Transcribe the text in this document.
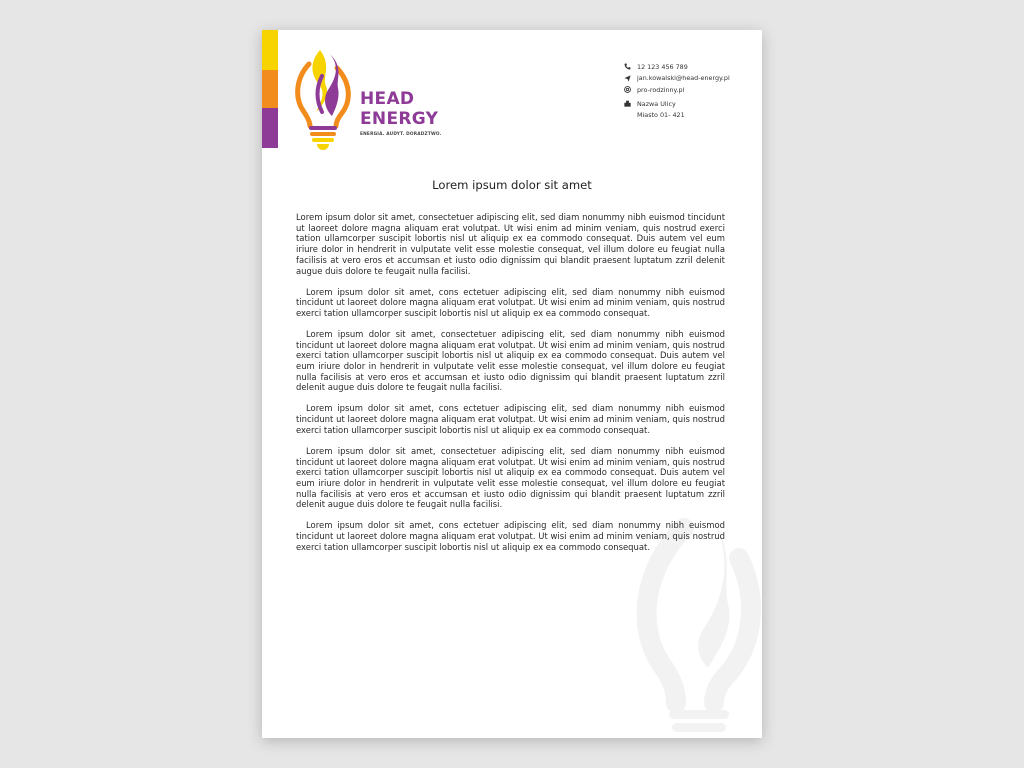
HEAD
ENERGY
ENERGIA. AUDYT. DORADZTWO.
12 123 456 789
jan.kowalski@head-energy.pl
pro-rodzinny.pl
Nazwa Ulicy
Miasto 01- 421
Lorem ipsum dolor sit amet

Lorem ipsum dolor sit amet, consectetuer adipiscing elit, sed diam nonummy nibh euismod tincidunt ut laoreet dolore magna aliquam erat volutpat. Ut wisi enim ad minim veniam, quis nostrud exerci tation ullamcorper suscipit lobortis nisl ut aliquip ex ea commodo consequat. Duis autem vel eum iriure dolor in hendrerit in vulputate velit esse molestie consequat, vel illum dolore eu feugiat nulla facilisis at vero eros et accumsan et iusto odio dignissim qui blandit praesent luptatum zzril delenit augue duis dolore te feugait nulla facilisi.

Lorem ipsum dolor sit amet, cons ectetuer adipiscing elit, sed diam nonummy nibh euismod tincidunt ut laoreet dolore magna aliquam erat volutpat. Ut wisi enim ad minim veniam, quis nostrud exerci tation ullamcorper suscipit lobortis nisl ut aliquip ex ea commodo consequat.

Lorem ipsum dolor sit amet, consectetuer adipiscing elit, sed diam nonummy nibh euismod tincidunt ut laoreet dolore magna aliquam erat volutpat. Ut wisi enim ad minim veniam, quis nostrud exerci tation ullamcorper suscipit lobortis nisl ut aliquip ex ea commodo consequat. Duis autem vel eum iriure dolor in hendrerit in vulputate velit esse molestie consequat, vel illum dolore eu feugiat nulla facilisis at vero eros et accumsan et iusto odio dignissim qui blandit praesent luptatum zzril delenit augue duis dolore te feugait nulla facilisi.

Lorem ipsum dolor sit amet, cons ectetuer adipiscing elit, sed diam nonummy nibh euismod tincidunt ut laoreet dolore magna aliquam erat volutpat. Ut wisi enim ad minim veniam, quis nostrud exerci tation ullamcorper suscipit lobortis nisl ut aliquip ex ea commodo consequat.

Lorem ipsum dolor sit amet, consectetuer adipiscing elit, sed diam nonummy nibh euismod tincidunt ut laoreet dolore magna aliquam erat volutpat. Ut wisi enim ad minim veniam, quis nostrud exerci tation ullamcorper suscipit lobortis nisl ut aliquip ex ea commodo consequat. Duis autem vel eum iriure dolor in hendrerit in vulputate velit esse molestie consequat, vel illum dolore eu feugiat nulla facilisis at vero eros et accumsan et iusto odio dignissim qui blandit praesent luptatum zzril delenit augue duis dolore te feugait nulla facilisi.

Lorem ipsum dolor sit amet, cons ectetuer adipiscing elit, sed diam nonummy nibh euismod tincidunt ut laoreet dolore magna aliquam erat volutpat. Ut wisi enim ad minim veniam, quis nostrud exerci tation ullamcorper suscipit lobortis nisl ut aliquip ex ea commodo consequat.
